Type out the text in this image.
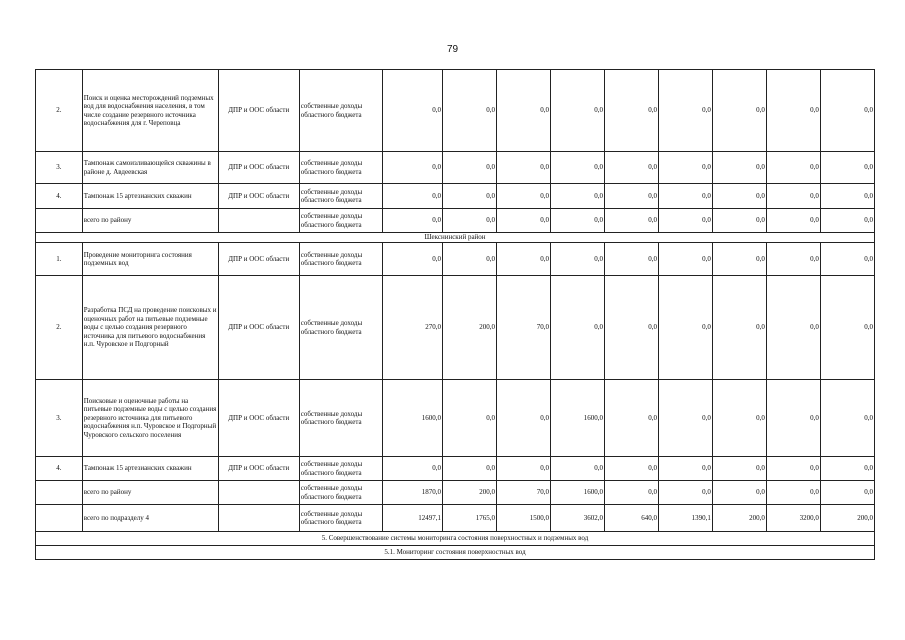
79
2.	Поиск и оценка месторождений подземных вод для водоснабжения населения, в том числе создание резервного источника водоснабжения для г. Череповца	ДПР и ООС области	собственные доходы областного бюджета	0,0	0,0	0,0	0,0	0,0	0,0	0,0	0,0	0,0
3.	Тампонаж самоизливающейся скважины в районе д. Авдеевская	ДПР и ООС области	собственные доходы областного бюджета	0,0	0,0	0,0	0,0	0,0	0,0	0,0	0,0	0,0
4.	Тампонаж 15 артезианских скважин	ДПР и ООС области	собственные доходы областного бюджета	0,0	0,0	0,0	0,0	0,0	0,0	0,0	0,0	0,0
	всего по району		собственные доходы областного бюджета	0,0	0,0	0,0	0,0	0,0	0,0	0,0	0,0	0,0
Шекснинский район												
1.	Проведение мониторинга состояния подземных вод	ДПР и ООС области	собственные доходы областного бюджета	0,0	0,0	0,0	0,0	0,0	0,0	0,0	0,0	0,0
2.	Разработка ПСД на проведение поисковых и оценочных работ на питьевые подземные воды с целью создания резервного источника для питьевого водоснабжения н.п. Чуровское и Подгорный	ДПР и ООС области	собственные доходы областного бюджета	270,0	200,0	70,0	0,0	0,0	0,0	0,0	0,0	0,0
3.	Поисковые и оценочные работы на питьевые подземные воды с целью создания резервного источника для питьевого водоснабжения н.п. Чуровское и Подгорный Чуровского сельского поселения	ДПР и ООС области	собственные доходы областного бюджета	1600,0	0,0	0,0	1600,0	0,0	0,0	0,0	0,0	0,0
4.	Тампонаж 15 артезианских скважин	ДПР и ООС области	собственные доходы областного бюджета	0,0	0,0	0,0	0,0	0,0	0,0	0,0	0,0	0,0
	всего по району		собственные доходы областного бюджета	1870,0	200,0	70,0	1600,0	0,0	0,0	0,0	0,0	0,0
	всего по подразделу 4		собственные доходы областного бюджета	12497,1	1765,0	1500,0	3602,0	640,0	1390,1	200,0	3200,0	200,0
5. Совершенствование системы мониторинга состояния поверхностных и подземных вод												
5.1. Мониторинг состояния поверхностных вод												
